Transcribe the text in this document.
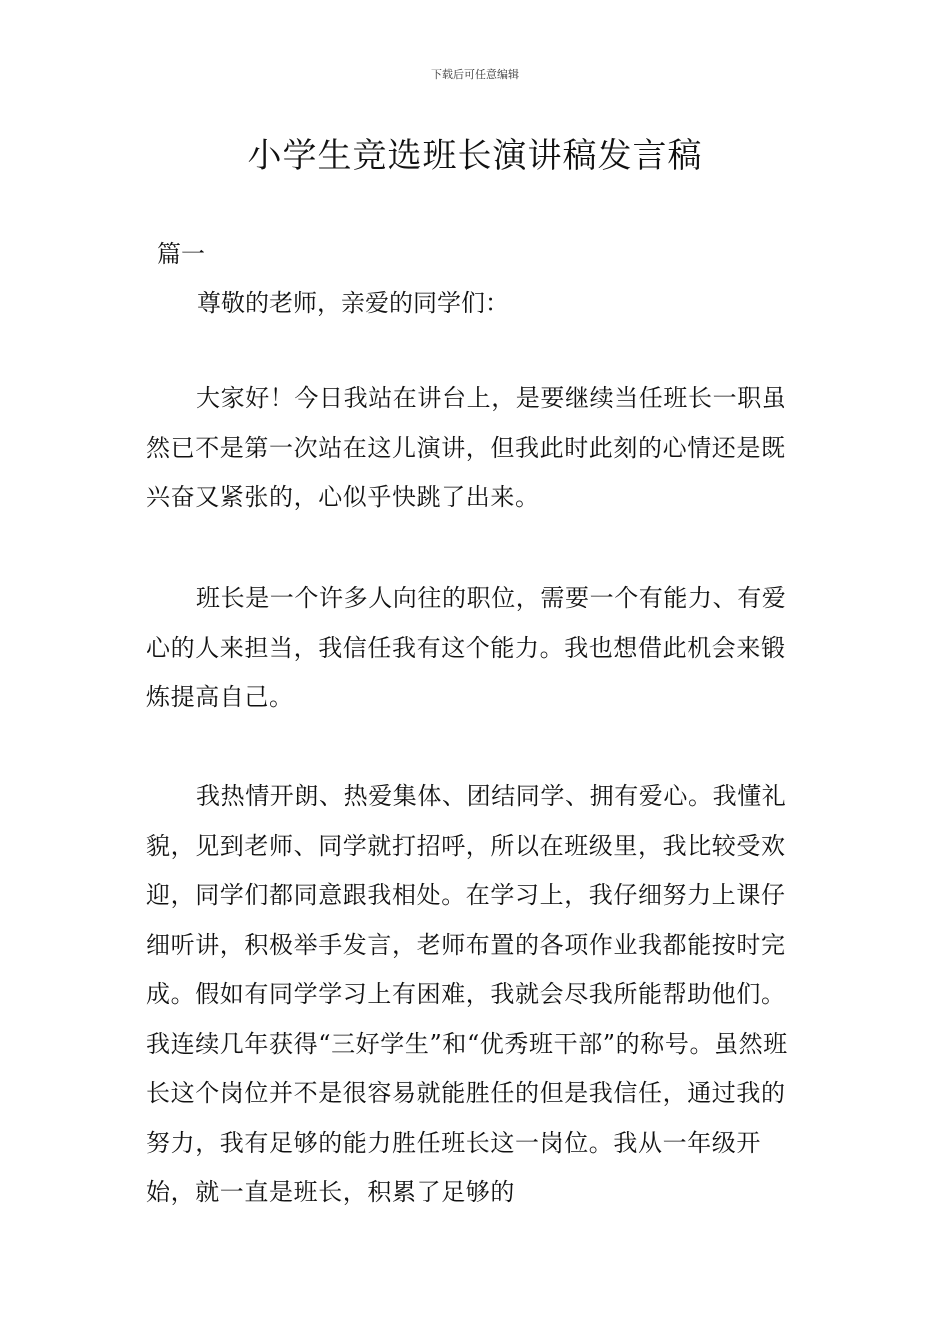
下载后可任意编辑
小学生竞选班长演讲稿发言稿
篇一
尊敬的老师，亲爱的同学们：

大家好！今日我站在讲台上，是要继续当任班长一职虽然已不是第一次站在这儿演讲，但我此时此刻的心情还是既兴奋又紧张的，心似乎快跳了出来。

班长是一个许多人向往的职位，需要一个有能力、有爱心的人来担当，我信任我有这个能力。我也想借此机会来锻炼提高自己。

我热情开朗、热爱集体、团结同学、拥有爱心。我懂礼貌，见到老师、同学就打招呼，所以在班级里，我比较受欢迎，同学们都同意跟我相处。在学习上，我仔细努力上课仔细听讲，积极举手发言，老师布置的各项作业我都能按时完成。假如有同学学习上有困难，我就会尽我所能帮助他们。我连续几年获得“三好学生”和“优秀班干部”的称号。虽然班长这个岗位并不是很容易就能胜任的但是我信任，通过我的努力，我有足够的能力胜任班长这一岗位。我从一年级开始，就一直是班长，积累了足够的
